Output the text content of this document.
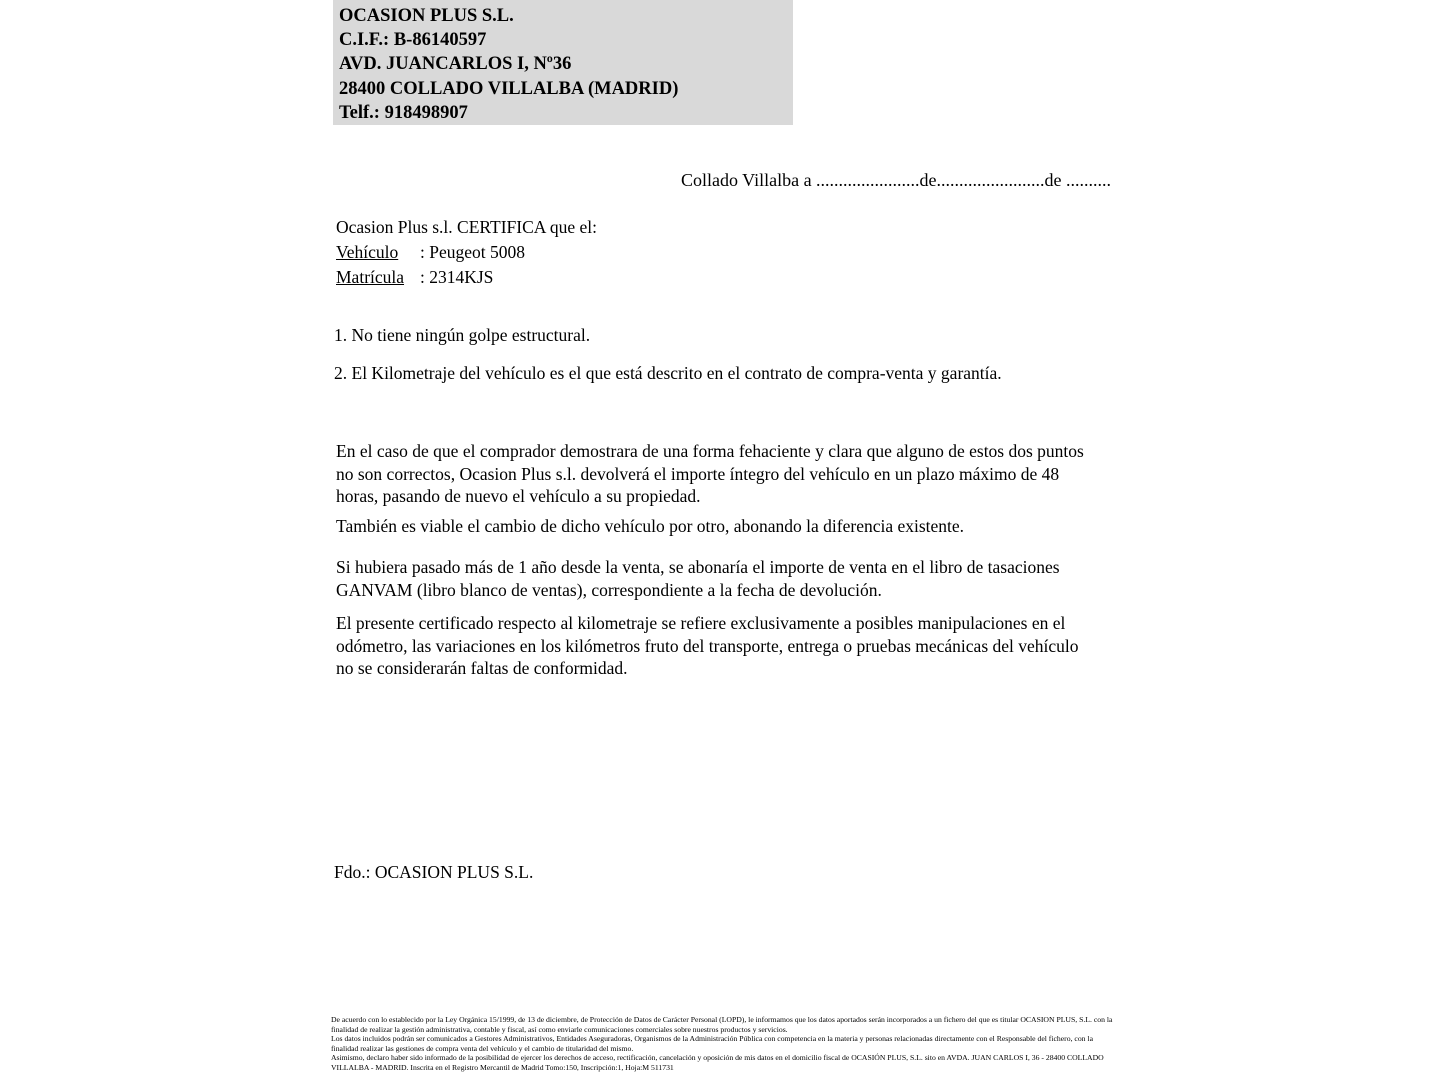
OCASION PLUS S.L.
C.I.F.: B-86140597
AVD. JUANCARLOS I, Nº36
28400 COLLADO VILLALBA (MADRID)
Telf.: 918498907
Collado Villalba a .......................de........................de ..........
Ocasion Plus s.l. CERTIFICA que el:
Vehículo : Peugeot 5008
Matrícula : 2314KJS
1. No tiene ningún golpe estructural.
2. El Kilometraje del vehículo es el que está descrito en el contrato de compra-venta y garantía.
En el caso de que el comprador demostrara de una forma fehaciente y clara que alguno de estos dos puntos no son correctos, Ocasion Plus s.l. devolverá el importe íntegro del vehículo en un plazo máximo de 48 horas, pasando de nuevo el vehículo a su propiedad.
También es viable el cambio de dicho vehículo por otro, abonando la diferencia existente.
Si hubiera pasado más de 1 año desde la venta, se abonaría el importe de venta en el libro de tasaciones GANVAM (libro blanco de ventas), correspondiente a la fecha de devolución.
El presente certificado respecto al kilometraje se refiere exclusivamente a posibles manipulaciones en el odómetro, las variaciones en los kilómetros fruto del transporte, entrega o pruebas mecánicas del vehículo no se considerarán faltas de conformidad.
Fdo.: OCASION PLUS S.L.

De acuerdo con lo establecido por la Ley Orgánica 15/1999, de 13 de diciembre, de Protección de Datos de Carácter Personal (LOPD), le informamos que los datos aportados serán incorporados a un fichero del que es titular OCASION PLUS, S.L. con la finalidad de realizar la gestión administrativa, contable y fiscal, así como enviarle comunicaciones comerciales sobre nuestros productos y servicios.

Los datos incluidos podrán ser comunicados a Gestores Administrativos, Entidades Aseguradoras, Organismos de la Administración Pública con competencia en la materia y personas relacionadas directamente con el Responsable del fichero, con la finalidad realizar las gestiones de compra venta del vehículo y el cambio de titularidad del mismo.

Asimismo, declaro haber sido informado de la posibilidad de ejercer los derechos de acceso, rectificación, cancelación y oposición de mis datos en el domicilio fiscal de OCASIÓN PLUS, S.L. sito en AVDA. JUAN CARLOS I, 36 - 28400 COLLADO VILLALBA - MADRID. Inscrita en el Registro Mercantil de Madrid Tomo:150, Inscripción:1, Hoja:M 511731
